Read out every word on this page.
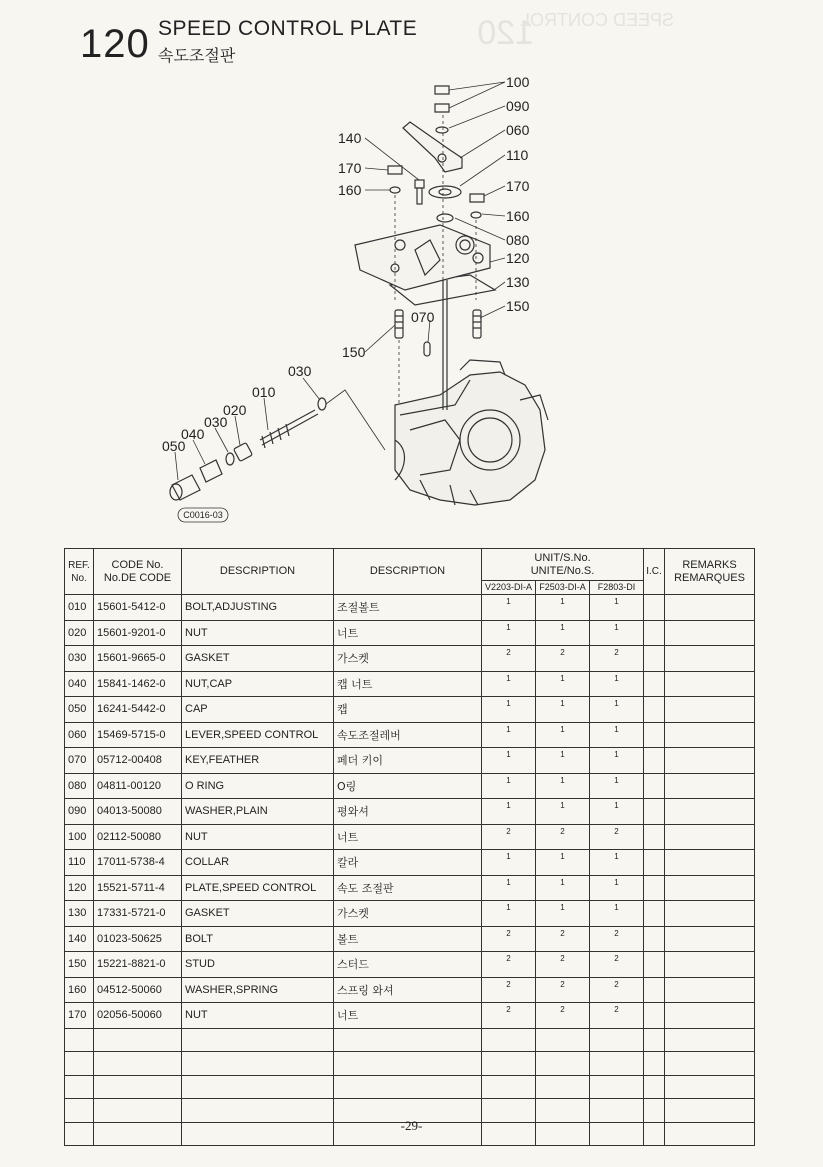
SPEED CONTROL
120
120 SPEED CONTROL PLATE
속도조절판
100
090
060
110
140
170
160	170
160
080
120
130
150
070
150
030
010
020
030
040
050
C0016-03
REF.
No.	CODE No.
No.DE CODE	DESCRIPTION	DESCRIPTION	UNIT/S.No.
UNITE/No.S.			I.C.	REMARKS
REMARQUES
				V2203-DI-A	F2503-DI-A	F2803-DI		
010	15601-5412-0	BOLT,ADJUSTING	조절볼트	1	1	1		
020	15601-9201-0	NUT	너트	1	1	1		
030	15601-9665-0	GASKET	가스켓	2	2	2		
040	15841-1462-0	NUT,CAP	캡 너트	1	1	1		
050	16241-5442-0	CAP	캡	1	1	1		
060	15469-5715-0	LEVER,SPEED CONTROL	속도조절레버	1	1	1		
070	05712-00408	KEY,FEATHER	페더 키이	1	1	1		
080	04811-00120	O RING	O링	1	1	1		
090	04013-50080	WASHER,PLAIN	평와셔	1	1	1		
100	02112-50080	NUT	너트	2	2	2		
110	17011-5738-4	COLLAR	칼라	1	1	1		
120	15521-5711-4	PLATE,SPEED CONTROL	속도 조절판	1	1	1		
130	17331-5721-0	GASKET	가스켓	1	1	1		
140	01023-50625	BOLT	볼트	2	2	2		
150	15221-8821-0	STUD	스터드	2	2	2		
160	04512-50060	WASHER,SPRING	스프링 와셔	2	2	2		
170	02056-50060	NUT	너트	2	2	2		

-29-
